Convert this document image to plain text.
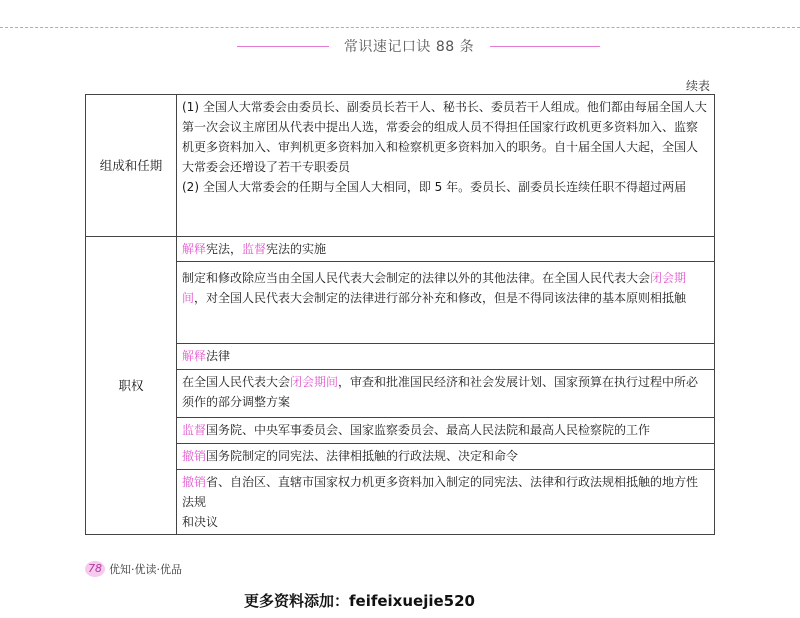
常识速记口诀 88 条
续表
组成和任期	(1) 全国人大常委会由委员长、副委员长若干人、秘书长、委员若干人组成。他们都由每届全国人大第一次会议主席团从代表中提出人选，常委会的组成人员不得担任国家行政机更多资料加入、监察机更多资料加入、审判机更多资料加入和检察机更多资料加入的职务。自十届全国人大起，全国人大常委会还增设了若干专职委员

(2) 全国人大常委会的任期与全国人大相同，即 5 年。委员长、副委员长连续任职不得超过两届

职权	解释宪法，监督宪法的实施
	制定和修改除应当由全国人民代表大会制定的法律以外的其他法律。在全国人民代表大会闭会期间，对全国人民代表大会制定的法律进行部分补充和修改，但是不得同该法律的基本原则相抵触
	解释法律
	在全国人民代表大会闭会期间，审查和批准国民经济和社会发展计划、国家预算在执行过程中所必须作的部分调整方案
	监督国务院、中央军事委员会、国家监察委员会、最高人民法院和最高人民检察院的工作
	撤销国务院制定的同宪法、法律相抵触的行政法规、决定和命令
	撤销省、自治区、直辖市国家权力机更多资料加入制定的同宪法、法律和行政法规相抵触的地方性法规
和决议
78 优知·优读·优品
更多资料添加：feifeixuejie520
